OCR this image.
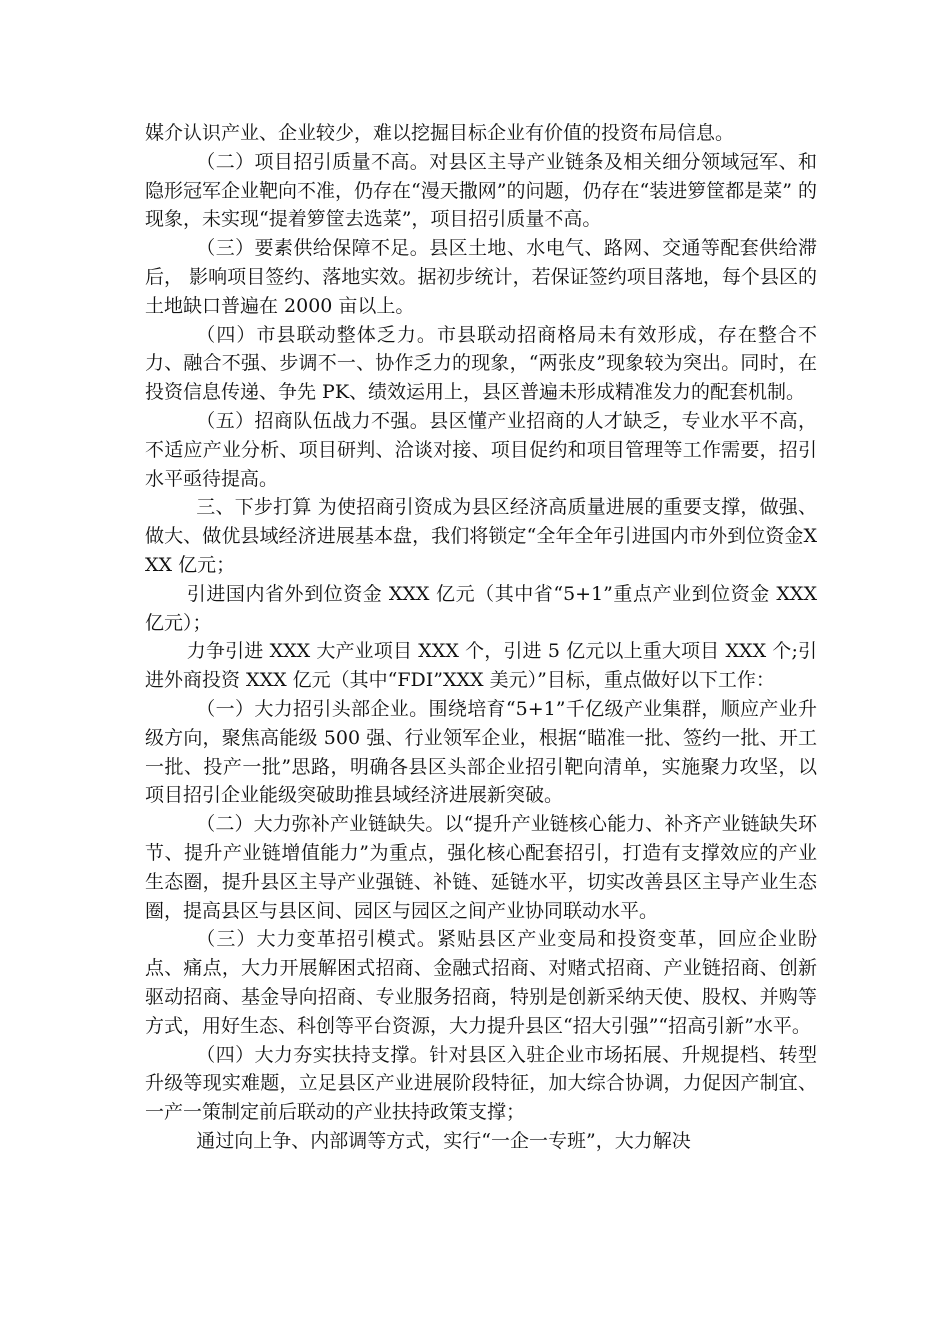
媒介认识产业、企业较少，难以挖掘目标企业有价值的投资布局信息。

（二）项目招引质量不高。对县区主导产业链条及相关细分领域冠军、和隐形冠军企业靶向不准，仍存在“漫天撒网”的问题，仍存在“装进箩筐都是菜” 的现象，未实现“提着箩筐去选菜”，项目招引质量不高。

（三）要素供给保障不足。县区土地、水电气、路网、交通等配套供给滞后， 影响项目签约、落地实效。据初步统计，若保证签约项目落地，每个县区的土地缺口普遍在 2000 亩以上。

（四）市县联动整体乏力。市县联动招商格局未有效形成，存在整合不力、融合不强、步调不一、协作乏力的现象，“两张皮”现象较为突出。同时，在投资信息传递、争先 PK、绩效运用上，县区普遍未形成精准发力的配套机制。

（五）招商队伍战力不强。县区懂产业招商的人才缺乏，专业水平不高，不适应产业分析、项目研判、洽谈对接、项目促约和项目管理等工作需要，招引水平亟待提高。

三、下步打算 为使招商引资成为县区经济高质量进展的重要支撑，做强、做大、做优县域经济进展基本盘，我们将锁定“全年全年引进国内市外到位资金XXX 亿元；

引进国内省外到位资金 XXX 亿元（其中省“5+1”重点产业到位资金 XXX 亿元）；

力争引进 XXX 大产业项目 XXX 个，引进 5 亿元以上重大项目 XXX 个;引进外商投资 XXX 亿元（其中“FDI”XXX 美元）”目标，重点做好以下工作：

（一）大力招引头部企业。围绕培育“5+1”千亿级产业集群，顺应产业升级方向，聚焦高能级 500 强、行业领军企业，根据“瞄准一批、签约一批、开工一批、投产一批”思路，明确各县区头部企业招引靶向清单，实施聚力攻坚，以项目招引企业能级突破助推县域经济进展新突破。

（二）大力弥补产业链缺失。以“提升产业链核心能力、补齐产业链缺失环 节、提升产业链增值能力”为重点，强化核心配套招引，打造有支撑效应的产业生态圈，提升县区主导产业强链、补链、延链水平，切实改善县区主导产业生态圈，提高县区与县区间、园区与园区之间产业协同联动水平。

（三）大力变革招引模式。紧贴县区产业变局和投资变革，回应企业盼点、痛点，大力开展解困式招商、金融式招商、对赌式招商、产业链招商、创新驱动招商、基金导向招商、专业服务招商，特别是创新采纳天使、股权、并购等方式，用好生态、科创等平台资源，大力提升县区“招大引强”“招高引新”水平。

（四）大力夯实扶持支撑。针对县区入驻企业市场拓展、升规提档、转型升级等现实难题，立足县区产业进展阶段特征，加大综合协调，力促因产制宜、一产一策制定前后联动的产业扶持政策支撑；

通过向上争、内部调等方式，实行“一企一专班”，大力解决
